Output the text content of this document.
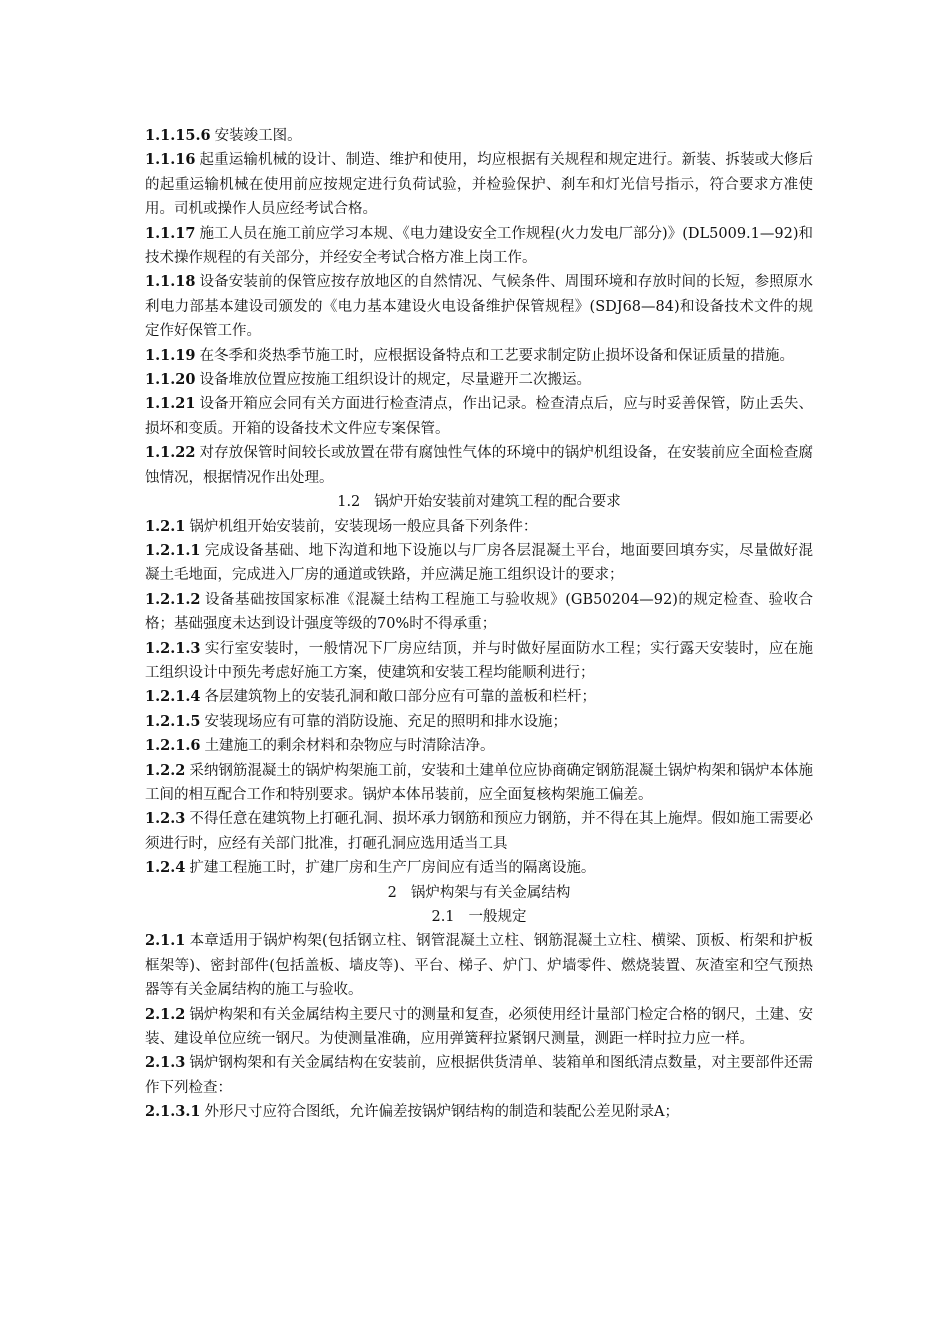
1.1.15.6 安装竣工图。

1.1.16 起重运输机械的设计、制造、维护和使用，均应根据有关规程和规定进行。新装、拆装或大修后的起重运输机械在使用前应按规定进行负荷试验，并检验保护、刹车和灯光信号指示，符合要求方准使用。司机或操作人员应经考试合格。

1.1.17 施工人员在施工前应学习本规、《电力建设安全工作规程(火力发电厂部分)》(DL5009.1—92)和技术操作规程的有关部分，并经安全考试合格方准上岗工作。

1.1.18 设备安装前的保管应按存放地区的自然情况、气候条件、周围环境和存放时间的长短，参照原水利电力部基本建设司颁发的《电力基本建设火电设备维护保管规程》(SDJ68—84)和设备技术文件的规定作好保管工作。

1.1.19 在冬季和炎热季节施工时，应根据设备特点和工艺要求制定防止损坏设备和保证质量的措施。

1.1.20 设备堆放位置应按施工组织设计的规定，尽量避开二次搬运。

1.1.21 设备开箱应会同有关方面进行检查清点，作出记录。检查清点后，应与时妥善保管，防止丢失、损坏和变质。开箱的设备技术文件应专案保管。

1.1.22 对存放保管时间较长或放置在带有腐蚀性气体的环境中的锅炉机组设备，在安装前应全面检查腐蚀情况，根据情况作出处理。

1.2 锅炉开始安装前对建筑工程的配合要求

1.2.1 锅炉机组开始安装前，安装现场一般应具备下列条件：

1.2.1.1 完成设备基础、地下沟道和地下设施以与厂房各层混凝土平台，地面要回填夯实，尽量做好混凝土毛地面，完成进入厂房的通道或铁路，并应满足施工组织设计的要求；

1.2.1.2 设备基础按国家标准《混凝土结构工程施工与验收规》(GB50204—92)的规定检查、验收合格；基础强度未达到设计强度等级的70%时不得承重；

1.2.1.3 实行室安装时，一般情况下厂房应结顶，并与时做好屋面防水工程；实行露天安装时，应在施工组织设计中预先考虑好施工方案，使建筑和安装工程均能顺利进行；

1.2.1.4 各层建筑物上的安装孔洞和敞口部分应有可靠的盖板和栏杆；

1.2.1.5 安装现场应有可靠的消防设施、充足的照明和排水设施；

1.2.1.6 土建施工的剩余材料和杂物应与时清除洁净。

1.2.2 采纳钢筋混凝土的锅炉构架施工前，安装和土建单位应协商确定钢筋混凝土锅炉构架和锅炉本体施工间的相互配合工作和特别要求。锅炉本体吊装前，应全面复核构架施工偏差。

1.2.3 不得任意在建筑物上打砸孔洞、损坏承力钢筋和预应力钢筋，并不得在其上施焊。假如施工需要必须进行时，应经有关部门批准，打砸孔洞应选用适当工具

1.2.4 扩建工程施工时，扩建厂房和生产厂房间应有适当的隔离设施。

2 锅炉构架与有关金属结构

2.1 一般规定

2.1.1 本章适用于锅炉构架(包括钢立柱、钢管混凝土立柱、钢筋混凝土立柱、横梁、顶板、桁架和护板框架等)、密封部件(包括盖板、墙皮等)、平台、梯子、炉门、炉墙零件、燃烧装置、灰渣室和空气预热器等有关金属结构的施工与验收。

2.1.2 锅炉构架和有关金属结构主要尺寸的测量和复查，必须使用经计量部门检定合格的钢尺，土建、安装、建设单位应统一钢尺。为使测量准确，应用弹簧秤拉紧钢尺测量，测距一样时拉力应一样。

2.1.3 锅炉钢构架和有关金属结构在安装前，应根据供货清单、装箱单和图纸清点数量，对主要部件还需作下列检查：

2.1.3.1 外形尺寸应符合图纸，允许偏差按锅炉钢结构的制造和装配公差见附录A；
